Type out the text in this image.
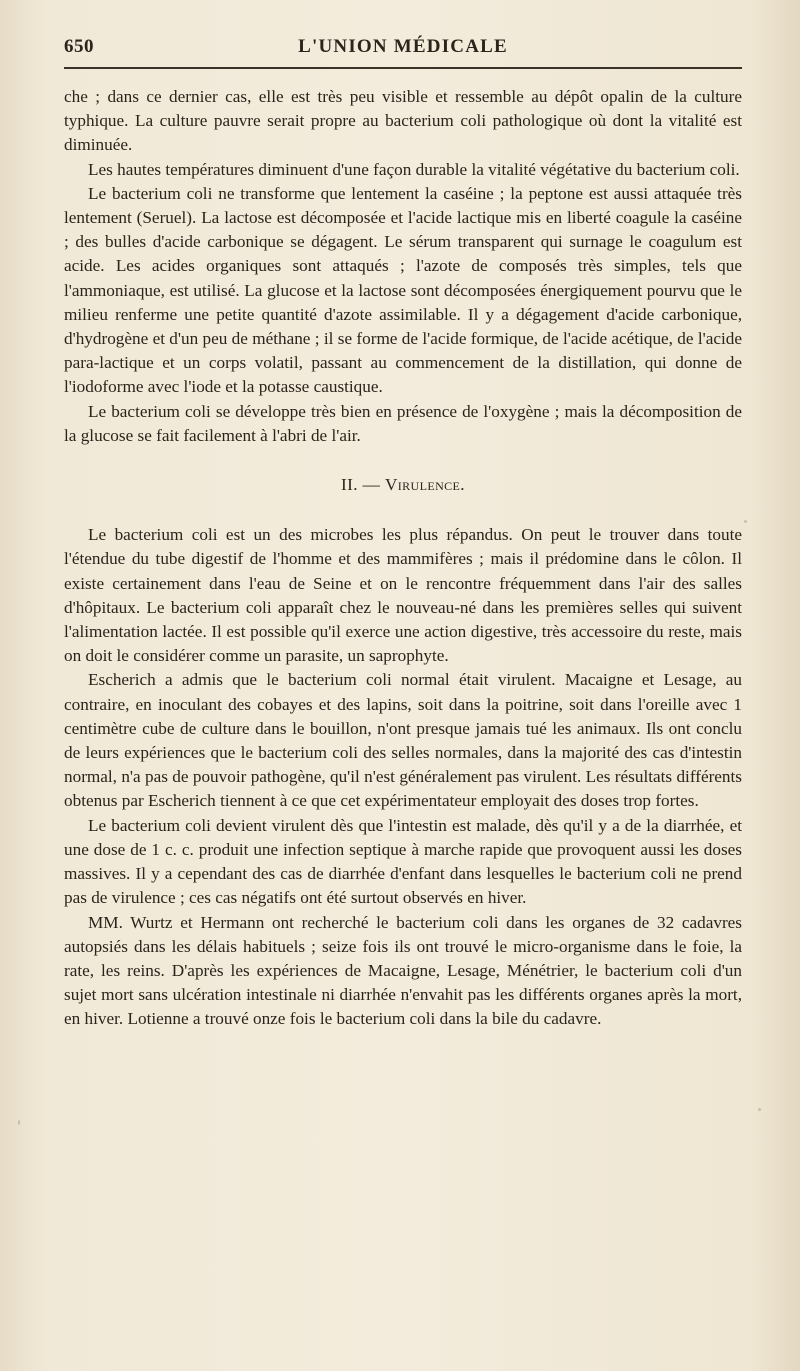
650	L'UNION MÉDICALE

che ; dans ce dernier cas, elle est très peu visible et ressemble au dépôt opalin de la culture typhique. La culture pauvre serait propre au bacterium coli pathologique où dont la vitalité est diminuée.

Les hautes températures diminuent d'une façon durable la vitalité végétative du bacterium coli.

Le bacterium coli ne transforme que lentement la caséine ; la peptone est aussi attaquée très lentement (Seruel). La lactose est décomposée et l'acide lactique mis en liberté coagule la caséine ; des bulles d'acide carbonique se dégagent. Le sérum transparent qui surnage le coagulum est acide. Les acides organiques sont attaqués ; l'azote de composés très simples, tels que l'ammoniaque, est utilisé. La glucose et la lactose sont décomposées énergiquement pourvu que le milieu renferme une petite quantité d'azote assimilable. Il y a dégagement d'acide carbonique, d'hydrogène et d'un peu de méthane ; il se forme de l'acide formique, de l'acide acétique, de l'acide para-lactique et un corps volatil, passant au commencement de la distillation, qui donne de l'iodoforme avec l'iode et la potasse caustique.

Le bacterium coli se développe très bien en présence de l'oxygène ; mais la décomposition de la glucose se fait facilement à l'abri de l'air.

II. — Virulence.

Le bacterium coli est un des microbes les plus répandus. On peut le trouver dans toute l'étendue du tube digestif de l'homme et des mammifères ; mais il prédomine dans le côlon. Il existe certainement dans l'eau de Seine et on le rencontre fréquemment dans l'air des salles d'hôpitaux. Le bacterium coli apparaît chez le nouveau-né dans les premières selles qui suivent l'alimentation lactée. Il est possible qu'il exerce une action digestive, très accessoire du reste, mais on doit le considérer comme un parasite, un saprophyte.

Escherich a admis que le bacterium coli normal était virulent. Macaigne et Lesage, au contraire, en inoculant des cobayes et des lapins, soit dans la poitrine, soit dans l'oreille avec 1 centimètre cube de culture dans le bouillon, n'ont presque jamais tué les animaux. Ils ont conclu de leurs expériences que le bacterium coli des selles normales, dans la majorité des cas d'intestin normal, n'a pas de pouvoir pathogène, qu'il n'est généralement pas virulent. Les résultats différents obtenus par Escherich tiennent à ce que cet expérimentateur employait des doses trop fortes.

Le bacterium coli devient virulent dès que l'intestin est malade, dès qu'il y a de la diarrhée, et une dose de 1 c. c. produit une infection septique à marche rapide que provoquent aussi les doses massives. Il y a cependant des cas de diarrhée d'enfant dans lesquelles le bacterium coli ne prend pas de virulence ; ces cas négatifs ont été surtout observés en hiver.

MM. Wurtz et Hermann ont recherché le bacterium coli dans les organes de 32 cadavres autopsiés dans les délais habituels ; seize fois ils ont trouvé le micro-organisme dans le foie, la rate, les reins. D'après les expériences de Macaigne, Lesage, Ménétrier, le bacterium coli d'un sujet mort sans ulcération intestinale ni diarrhée n'envahit pas les différents organes après la mort, en hiver. Lotienne a trouvé onze fois le bacterium coli dans la bile du cadavre.
